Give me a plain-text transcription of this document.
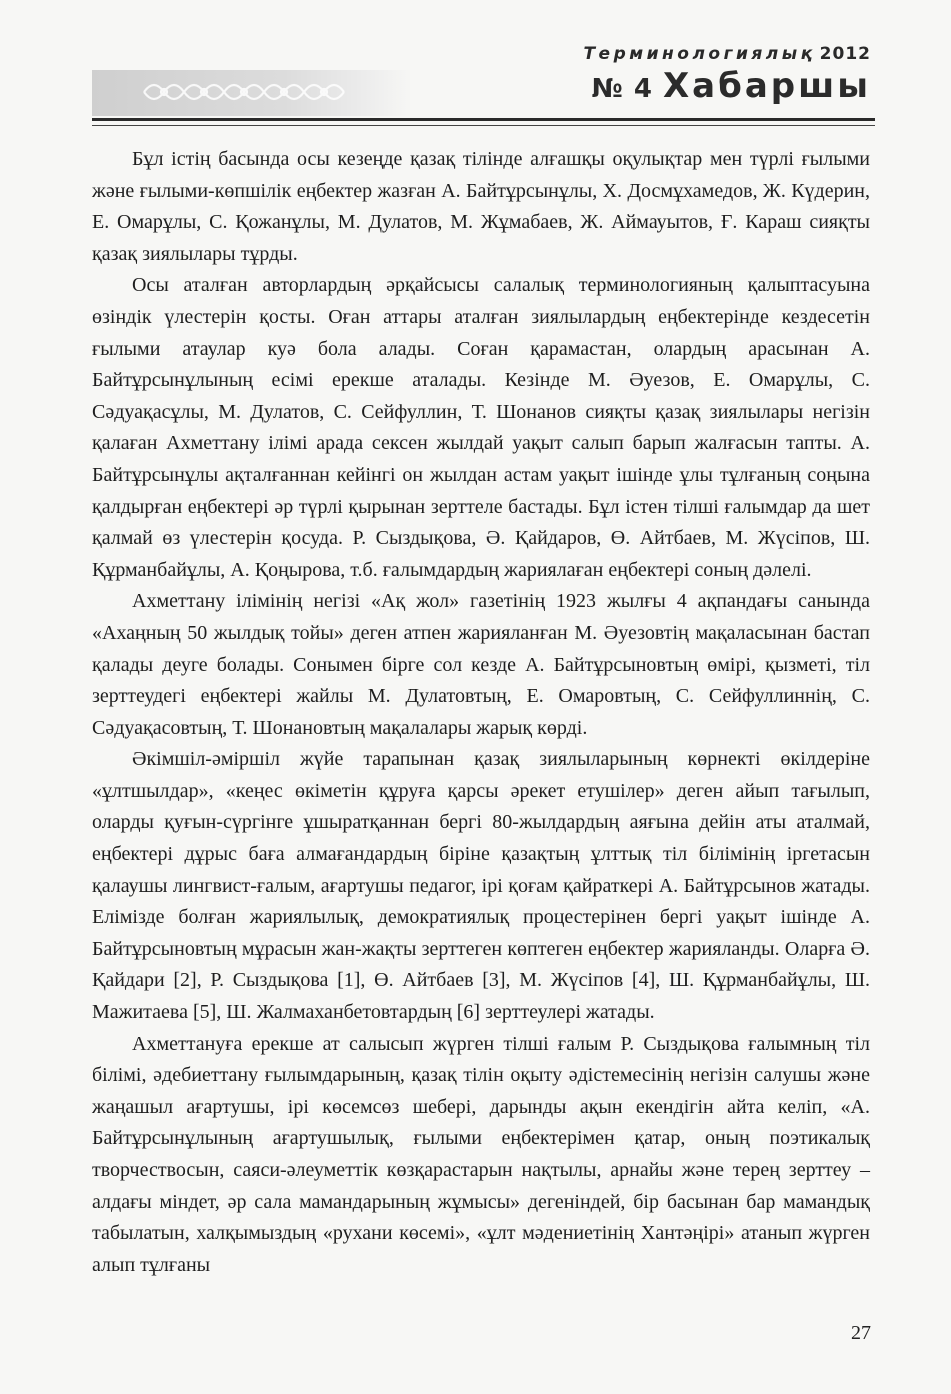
Терминологиялық 2012
№ 4 Хабаршы

Бұл істің басында осы кезеңде қазақ тілінде алғашқы оқулықтар мен түрлі ғылыми және ғылыми-көпшілік еңбектер жазған А. Байтұрсынұлы, Х. Досмұхамедов, Ж. Күдерин, Е. Омарұлы, С. Қожанұлы, М. Дулатов, М. Жұмабаев, Ж. Аймауытов, Ғ. Караш сияқты қазақ зиялылары тұрды.

Осы аталған авторлардың әрқайсысы салалық терминологияның қалыптасуына өзіндік үлестерін қосты. Оған аттары аталған зиялылардың еңбектерінде кездесетін ғылыми атаулар куә бола алады. Соған қарамастан, олардың арасынан А. Байтұрсынұлының есімі ерекше аталады. Кезінде М. Әуезов, Е. Омарұлы, С. Сәдуақасұлы, М. Дулатов, С. Сейфуллин, Т. Шонанов сияқты қазақ зиялылары негізін қалаған Ахметтану ілімі арада сексен жылдай уақыт салып барып жалғасын тапты. А. Байтұрсынұлы ақталғаннан кейінгі он жылдан астам уақыт ішінде ұлы тұлғаның соңына қалдырған еңбектері әр түрлі қырынан зерттеле бастады. Бұл істен тілші ғалымдар да шет қалмай өз үлестерін қосуда. Р. Сыздықова, Ә. Қайдаров, Ө. Айтбаев, М. Жүсіпов, Ш. Құрманбайұлы, А. Қоңырова, т.б. ғалымдардың жариялаған еңбектері соның дәлелі.

Ахметтану ілімінің негізі «Ақ жол» газетінің 1923 жылғы 4 ақпандағы санында «Ахаңның 50 жылдық тойы» деген атпен жарияланған М. Әуезовтің мақаласынан бастап қалады деуге болады. Сонымен бірге сол кезде А. Байтұрсыновтың өмірі, қызметі, тіл зерттеудегі еңбектері жайлы М. Дулатовтың, Е. Омаровтың, С. Сейфуллиннің, С. Сәдуақасовтың, Т. Шонановтың мақалалары жарық көрді.

Әкімшіл-әміршіл жүйе тарапынан қазақ зиялыларының көрнекті өкілдеріне «ұлтшылдар», «кеңес өкіметін құруға қарсы әрекет етушілер» деген айып тағылып, оларды қуғын-сүргінге ұшыратқаннан бергі 80-жылдардың аяғына дейін аты аталмай, еңбектері дұрыс баға алмағандардың біріне қазақтың ұлттық тіл білімінің іргетасын қалаушы лингвист-ғалым, ағартушы педагог, ірі қоғам қайраткері А. Байтұрсынов жатады. Елімізде болған жариялылық, демократиялық процестерінен бергі уақыт ішінде А. Байтұрсыновтың мұрасын жан-жақты зерттеген көптеген еңбектер жарияланды. Оларға Ә. Қайдари [2], Р. Сыздықова [1], Ө. Айтбаев [3], М. Жүсіпов [4], Ш. Құрманбайұлы, Ш. Мажитаева [5], Ш. Жалмаханбетовтардың [6] зерттеулері жатады.

Ахметтануға ерекше ат салысып жүрген тілші ғалым Р. Сыздықова ғалымның тіл білімі, әдебиеттану ғылымдарының, қазақ тілін оқыту әдістемесінің негізін салушы және жаңашыл ағартушы, ірі көсемсөз шебері, дарынды ақын екендігін айта келіп, «А. Байтұрсынұлының ағартушылық, ғылыми еңбектерімен қатар, оның поэтикалық творчествосын, саяси-әлеуметтік көзқарастарын нақтылы, арнайы және терең зерттеу – алдағы міндет, әр сала мамандарының жұмысы» дегеніндей, бір басынан бар мамандық табылатын, халқымыздың «рухани көсемі», «ұлт мәдениетінің Хантәңірі» атанып жүрген алып тұлғаны

27
